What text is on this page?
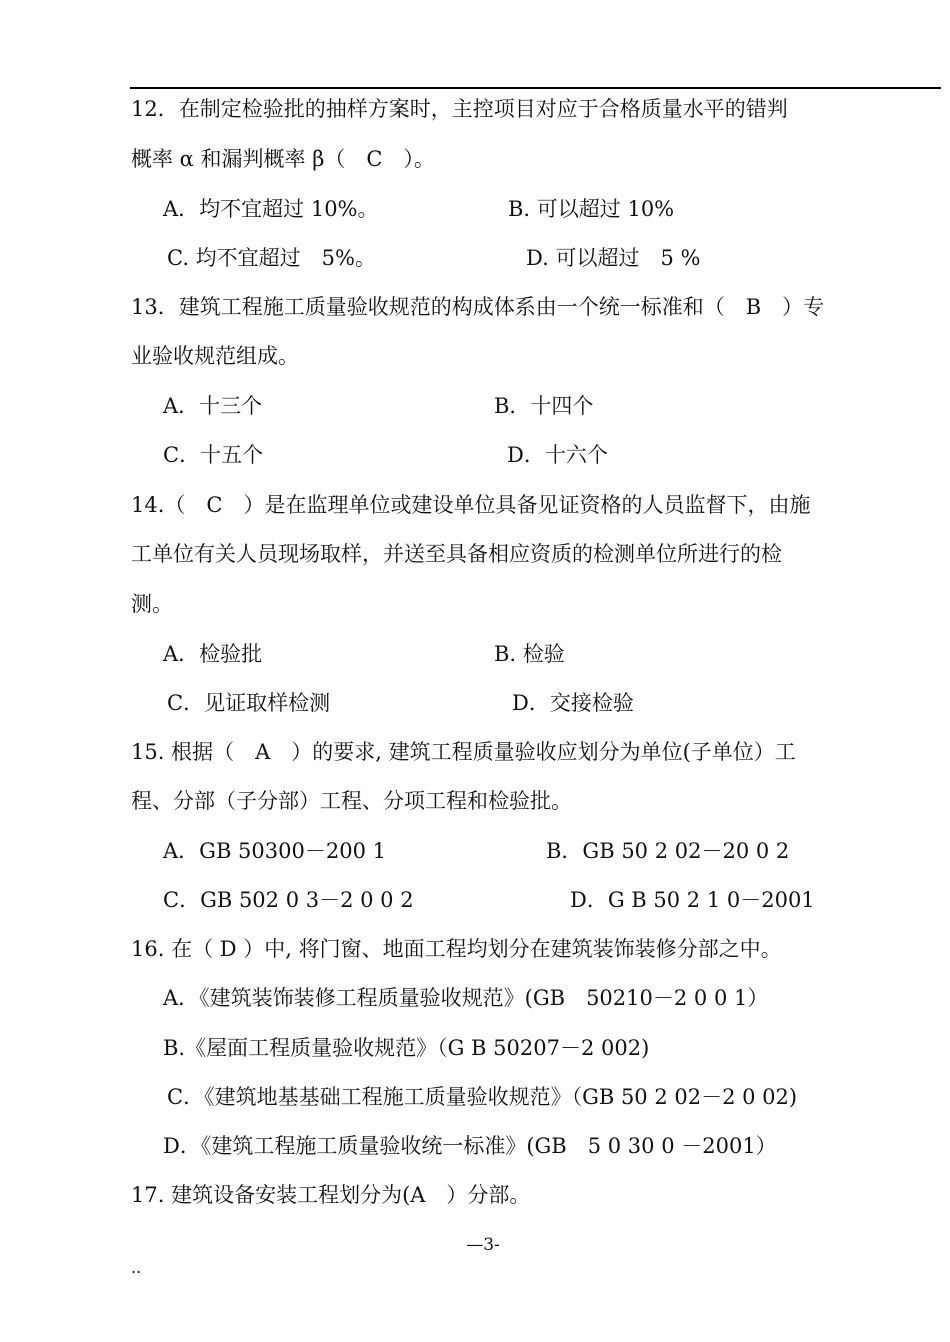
12．在制定检验批的抽样方案时，主控项目对应于合格质量水平的错判
概率 α 和漏判概率 β（　C　）。
A．均不宜超过 10%。	B. 可以超过 10%
C. 均不宜超过　5%。	D. 可以超过　5 %
13．建筑工程施工质量验收规范的构成体系由一个统一标准和（　B　）专
业验收规范组成。
A．十三个	B．十四个
C．十五个	D．十六个
14.（　C　）是在监理单位或建设单位具备见证资格的人员监督下，由施
工单位有关人员现场取样，并送至具备相应资质的检测单位所进行的检
测。
A．检验批	B. 检验
C．见证取样检测	D．交接检验
15. 根据（　A　）的要求, 建筑工程质量验收应划分为单位(子单位）工
程、分部（子分部）工程、分项工程和检验批。
A．GB 50300－200 1	B．GB 50 2 02－20 0 2
C．GB 502 0 3－2 0 0 2	D．G B 50 2 1 0－2001
16. 在（ D ）中, 将门窗、地面工程均划分在建筑装饰装修分部之中。
A．《建筑装饰装修工程质量验收规范》(GB　50210－2 0 0 1）
B.《屋面工程质量验收规范》（G B 50207－2 002)
C．《建筑地基基础工程施工质量验收规范》（GB 50 2 02－2 0 02)
D．《建筑工程施工质量验收统一标准》(GB　5 0 30 0 －2001）
17. 建筑设备安装工程划分为(A　）分部。
—3-
..
